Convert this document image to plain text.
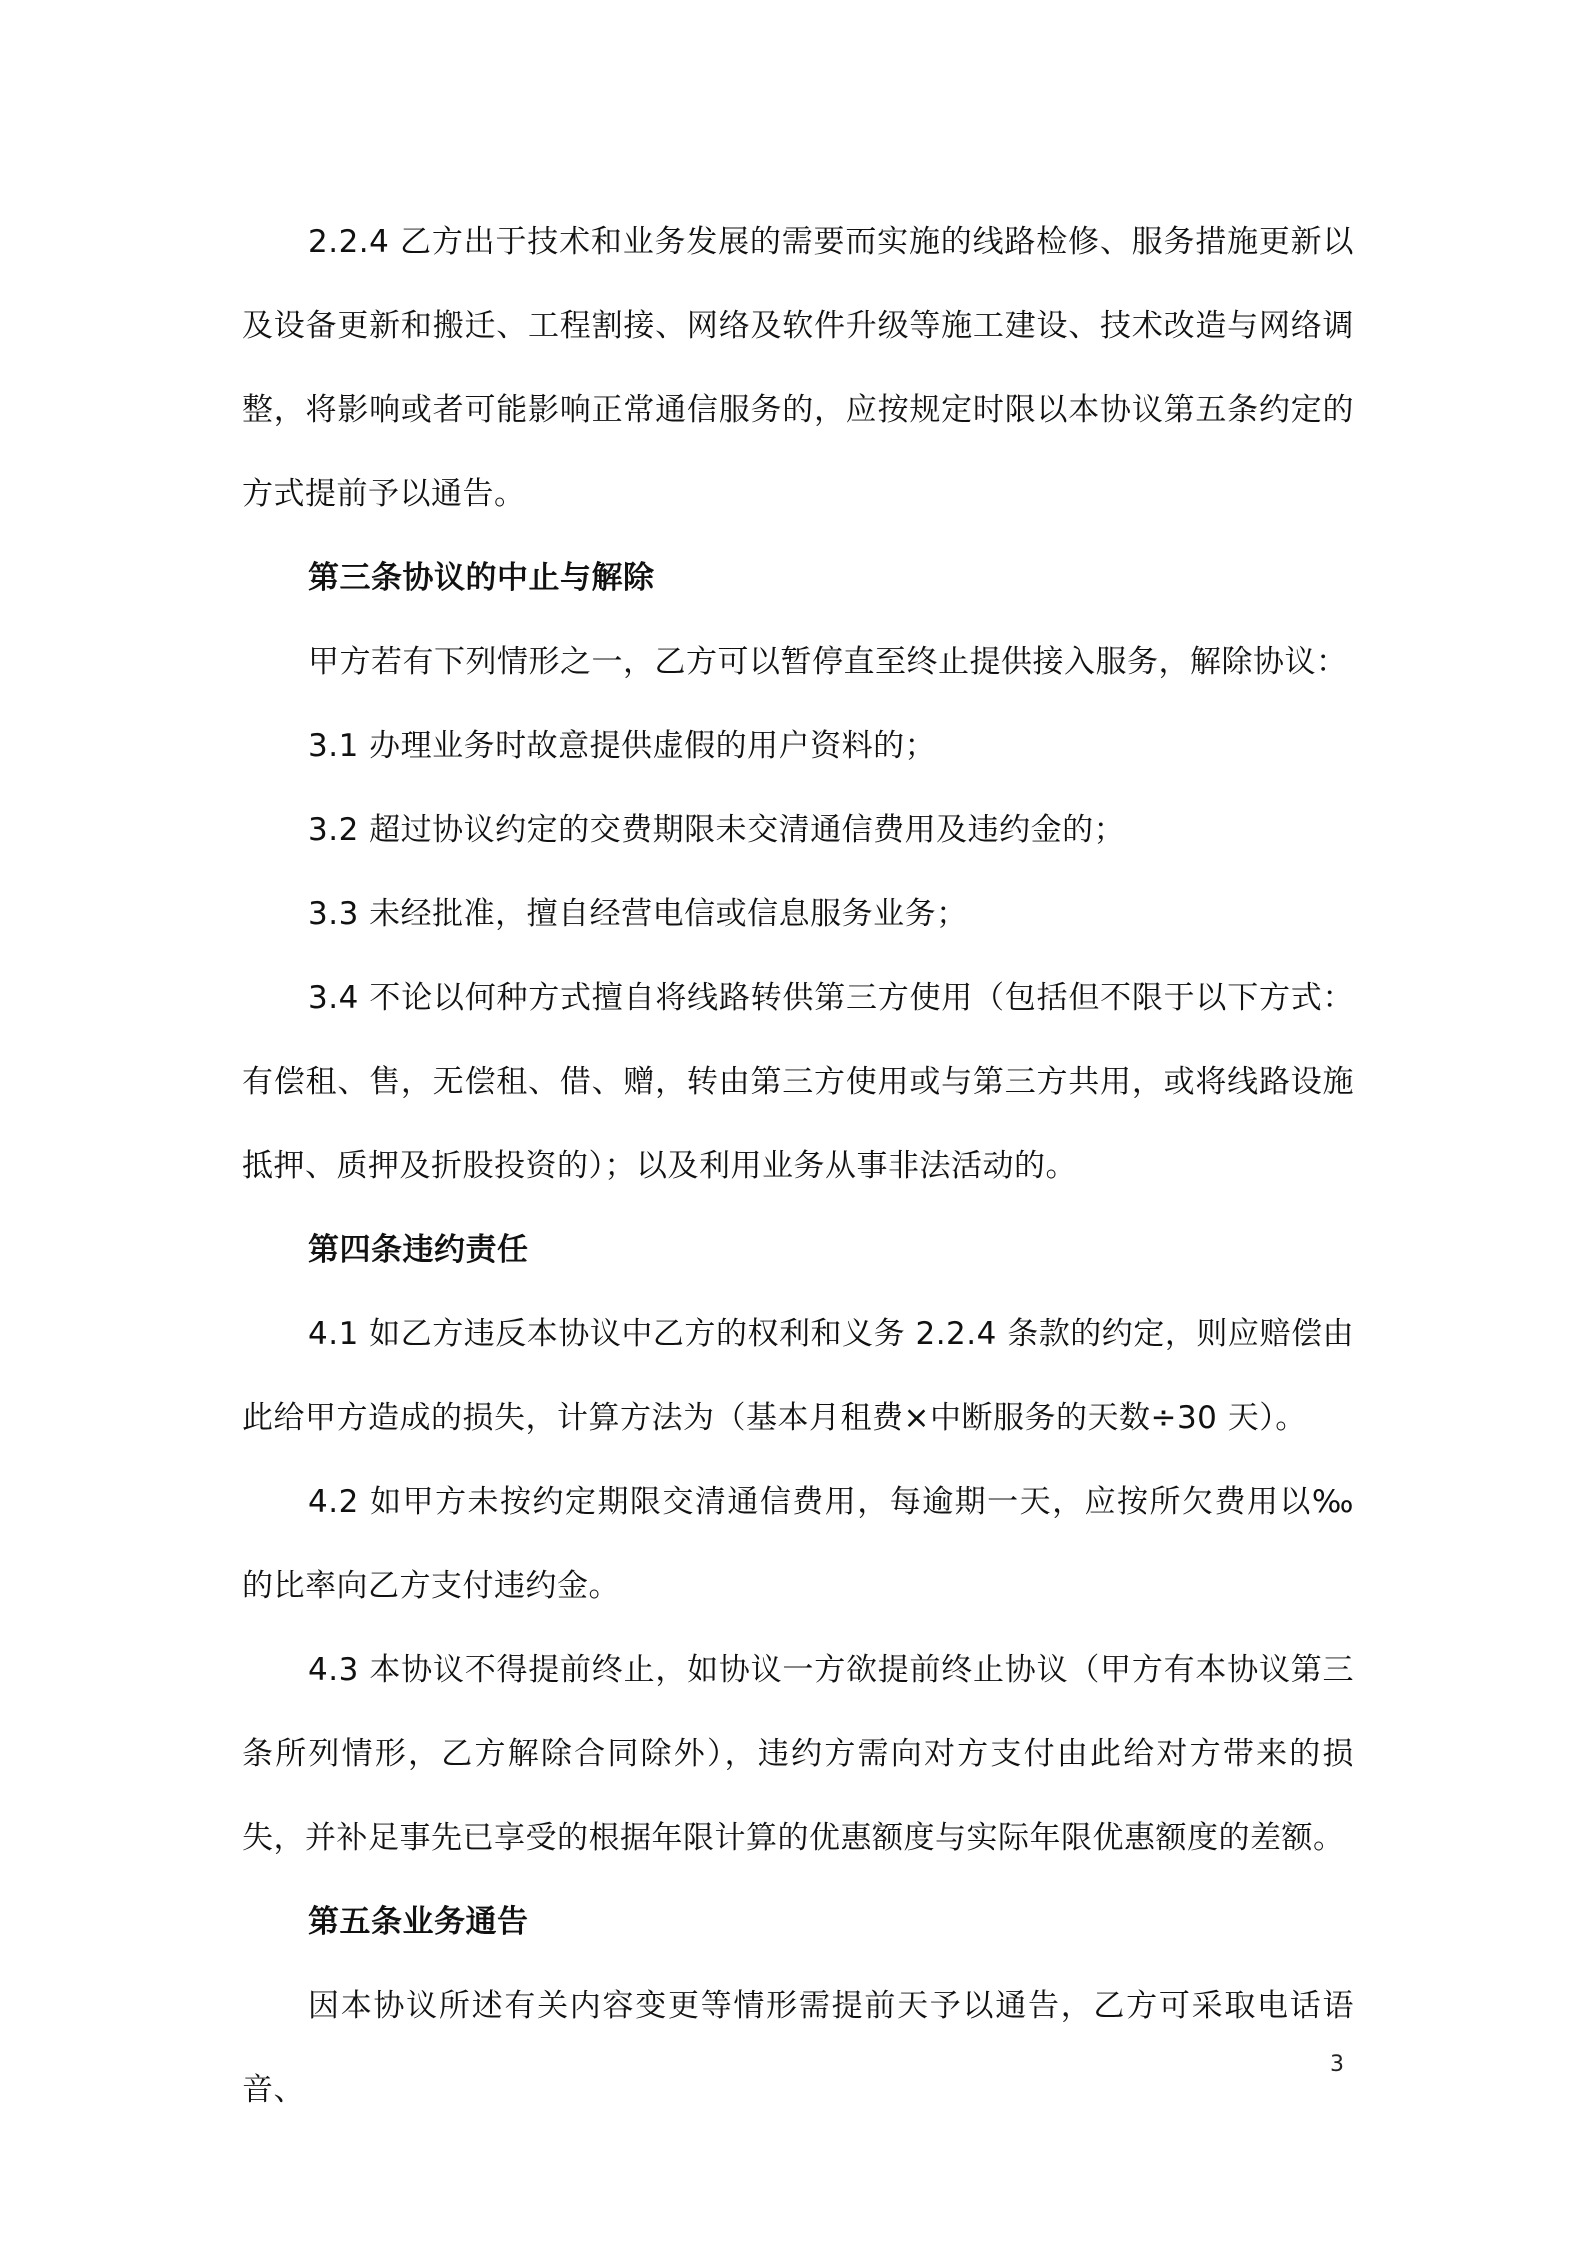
2.2.4 乙方出于技术和业务发展的需要而实施的线路检修、服务措施更新以及设备更新和搬迁、工程割接、网络及软件升级等施工建设、技术改造与网络调整，将影响或者可能影响正常通信服务的，应按规定时限以本协议第五条约定的方式提前予以通告。

第三条协议的中止与解除

甲方若有下列情形之一，乙方可以暂停直至终止提供接入服务，解除协议：

3.1 办理业务时故意提供虚假的用户资料的；

3.2 超过协议约定的交费期限未交清通信费用及违约金的；

3.3 未经批准，擅自经营电信或信息服务业务；

3.4 不论以何种方式擅自将线路转供第三方使用（包括但不限于以下方式：有偿租、售，无偿租、借、赠，转由第三方使用或与第三方共用，或将线路设施抵押、质押及折股投资的）；以及利用业务从事非法活动的。

第四条违约责任

4.1 如乙方违反本协议中乙方的权利和义务 2.2.4 条款的约定，则应赔偿由此给甲方造成的损失，计算方法为（基本月租费×中断服务的天数÷30 天）。

4.2 如甲方未按约定期限交清通信费用，每逾期一天，应按所欠费用以‰的比率向乙方支付违约金。

4.3 本协议不得提前终止，如协议一方欲提前终止协议（甲方有本协议第三条所列情形，乙方解除合同除外），违约方需向对方支付由此给对方带来的损失，并补足事先已享受的根据年限计算的优惠额度与实际年限优惠额度的差额。

第五条业务通告

因本协议所述有关内容变更等情形需提前天予以通告，乙方可采取电话语音、

3
